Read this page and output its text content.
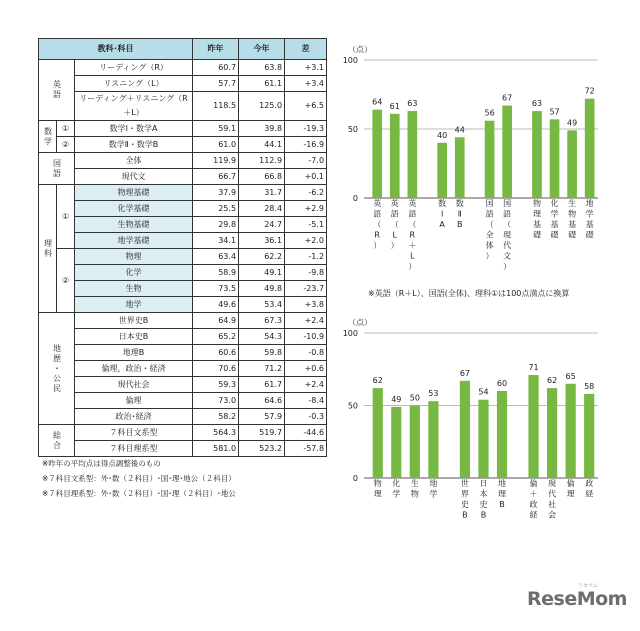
教科･科目			昨年	今年	差
英語		リーディング（R）	60.7	63.8	+3.1
		リスニング（L）	57.7	61.1	+3.4
		リーディング＋リスニング（R＋L）	118.5	125.0	+6.5
数学	①	数学Ⅰ・数学A	59.1	39.8	-19.3
	②	数学Ⅱ・数学B	61.0	44.1	-16.9
国語		全体	119.9	112.9	-7.0
		現代文	66.7	66.8	+0.1
理科	①	物理基礎	37.9	31.7	-6.2
		化学基礎	25.5	28.4	+2.9
		生物基礎	29.8	24.7	-5.1
		地学基礎	34.1	36.1	+2.0
	②	物理	63.4	62.2	-1.2
		化学	58.9	49.1	-9.8
		生物	73.5	49.8	-23.7
		地学	49.6	53.4	+3.8
地歴・公民		世界史B	64.9	67.3	+2.4
		日本史B	65.2	54.3	-10.9
		地理B	60.6	59.8	-0.8
		倫理，政治・経済	70.6	71.2	+0.6
		現代社会	59.3	61.7	+2.4
		倫理	73.0	64.6	-8.4
		政治･経済	58.2	57.9	-0.3
総合		７科目文系型	564.3	519.7	-44.6
		７科目理系型	581.0	523.2	-57.8
※昨年の平均点は得点調整後のもの
※７科目文系型：外･数（２科目）･国･理･地公（２科目）
※７科目理系型：外･数（２科目）･国･理（２科目）･地公
（点）
0
50
100
64
英語（ R ）
61
英語（ L ）
63
英語（ R ＋ L ）
40
数 Ⅰ A
44
数 Ⅱ B
56
国語（全体）
67
国語（現代文）
63
物理基礎
57
化学基礎
49
生物基礎
72
地学基礎
※英語（R＋L）、国語(全体)、理科①は100点満点に換算
（点）
0
50
100
62
物理
49
化学
50
生物
53
地学
67
世界史 B
54
日本史 B
60
地理 B
71
倫＋政経
62
現代社会
65
倫理
58
政経
ReseMom
リセマム
